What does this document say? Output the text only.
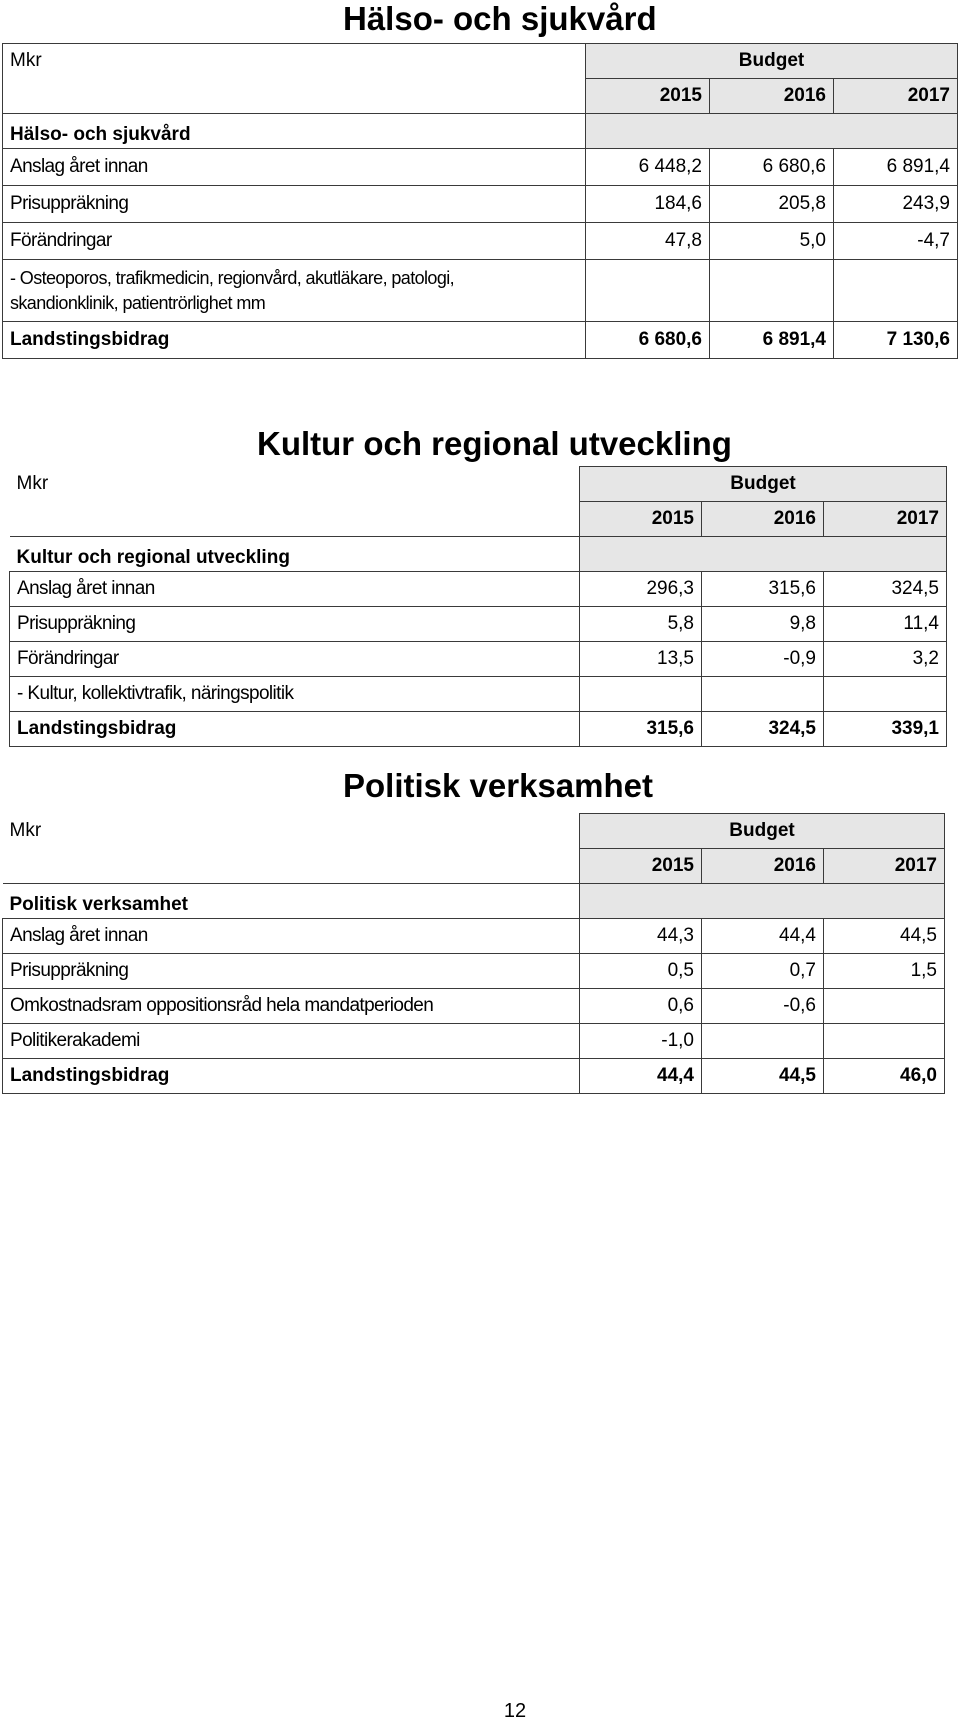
Hälso- och sjukvård
Mkr	Budget		
	2015	2016	2017
Hälso- och sjukvård			
Anslag året innan	6 448,2	6 680,6	6 891,4
Prisuppräkning	184,6	205,8	243,9
Förändringar	47,8	5,0	-4,7
- Osteoporos, trafikmedicin, regionvård, akutläkare, patologi, skandionklinik, patientrörlighet mm			
Landstingsbidrag	6 680,6	6 891,4	7 130,6
Kultur och regional utveckling
Mkr	Budget		
	2015	2016	2017
Kultur och regional utveckling			
Anslag året innan	296,3	315,6	324,5
Prisuppräkning	5,8	9,8	11,4
Förändringar	13,5	-0,9	3,2
- Kultur, kollektivtrafik, näringspolitik			
Landstingsbidrag	315,6	324,5	339,1
Politisk verksamhet
Mkr	Budget		
	2015	2016	2017
Politisk verksamhet			
Anslag året innan	44,3	44,4	44,5
Prisuppräkning	0,5	0,7	1,5
Omkostnadsram oppositionsråd hela mandatperioden	0,6	-0,6	
Politikerakademi	-1,0		
Landstingsbidrag	44,4	44,5	46,0
12
